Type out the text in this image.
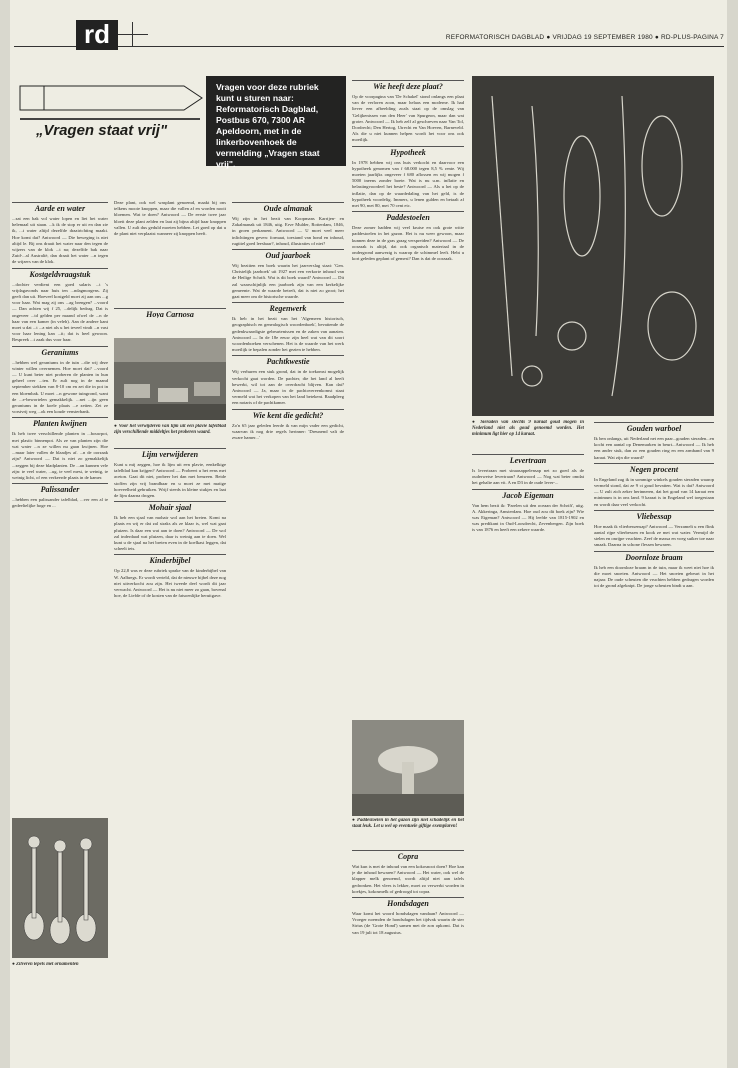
REFORMATORISCH DAGBLAD ● VRIJDAG 19 SEPTEMBER 1980 ● RD-PLUS-PAGINA 7
rd
„Vragen staat vrij"
Vragen voor deze rubriek kunt u sturen naar: Reformatorisch Dagblad, Postbus 670, 7300 AR Apeldoorn, met in de linkerbovenhoek de vermelding „Vragen staat vrij".
Aarde en water

...zat een bak vol water lopen en liet het water helemaal uit staan. ...k ik de stop er uit en dan zie ik, ...t water altijd dezelfde draairichting maakt. Hoe komt dat? Antwoord — Die beweging is niet altijd le. Bij ons draait het water naar den tegen de wijzers van de klok ...t na; dezelfde bak naar Zuid-...al Australië, dan draait het water ...n tegen de wijzers van de klok.

Kostgeldvraagstuk

...dochter verdient een goed salaris ...t 's vrijdagavonds naar huis ten ...ndagmorgens. Zij geeft dan uit. Hoeveel kostgeld moet zij aan ons ...g voor haar. Wat mag zij ons ...ag brengen? ...voord — Dan achten wij f 25, ...delijk bedrag. Dat is ongeveer ...td gelden per maand ofwel de ...n de haar van een kamer (in veleh). Aan de andere kant moet u dat ...t ...a niet als u het teveel vindt ...n vast voor haar lening kan ...it; dat is heel gewoon. Bespreek ...t zaak dus voor haar.

Geraniums

...hebben wel geraniums in de tuin ...die wij deze winter willen overnemen. Hoe moet dat? ...voord — U kunt beter niet proberen de planten in hun geheel over ...ten. Er zult nog in de maand september stekken van 8-10 cm en zet die in pot in een bloembak. U moet ...n gewone tuingrond, want de ...e-bewortelen gemakkelijk. ...net ...ijn geen geraniums in de koele plaats ...e zetten. Zet ze vorstvrij weg ...ok een koude vensterbank.

Planten kwijnen

Ik heb twee verschillende planten in ...bouwpot, met plastic binnenpot. Als ze van planten zijn die wat water ...n ze willen nu gaan kwijnen. Hoe ...maar later vallen de blaadjes af. ...n de oorzaak zijn? Antwoord — Dat is niet zo gemakkelijk ...zeggen bij deze bladplanten. De ...an kunnen vele zijn: te veel water, ...ug, te veel mest, te weinig, te weinig licht, of een verkeerde plaats in de kamer.

Palissander

...hebben een palissander tafelblad, ...ver een al te gedeeltelijke hoge en ...

● Zilveren lepels met ornamenten

Deze plant, ook wel wasplant genoemd, maakt bij ons telkens mooie knoppen, maar die vallen af en worden nooit bloemen. Wat te doen? Antwoord — De eerste twee jaar bloeit deze plant zelden en laat zij bijna altijd haar knoppen vallen. U zult dus geduld moeten hebben. Let goed op dat u de plant niet verplaatst wanneer zij knoppen heeft.

Hoya Carnosa
● Voor het verwijderen van lijm uit een plavie tafelblad zijn verschillende middeltjes het proberen waard.
Lijm verwijderen

Kunt u mij zeggen, hoe ik lijm uit een plavie, eenkelkige tafelblad kan krijgen? Antwoord — Probeert u het eens met aceton. Gaat dit niet, probeer het dan met benzeen. Beide stoffen zijn vrij brandbaar en u moet ze met matige hoeveelheid gebruiken. Wrijf steeds in kleine stukjes en laat de lijm daarna drogen.

Mohair sjaal

Ik heb een sjaal van mohair wol aan het breien. Komt na plaats en wij er dat zal straks als ze klaar is, wel wat gaat pluizen. Is daar een wat aan te doen? Antwoord — De wol zal inderdaad wat pluizen, daar is weinig aan te doen. Wel kunt u de sjaal na het breien even in de koelkast leggen, dat scheelt iets.

Kinderbijbel

Op 22,8 was er deze rubriek sprake van de kinderbijbel van W. Aalbregs. Er wordt verteld, dat de nieuwe bijbel deze nog niet uitverkocht zou zijn. Het tweede deel wordt dit jaar verwacht. Antwoord — Het is nu niet meer zo gaan, bovenal hoe, de Liefde of de kosten van de fatsoenlijke heruitgave.

Oude almanak

Wij zijn in het bezit van Koopmans Karrijen- en Zakalmanak uit 1846, uitg. Erve Mulder, Rotterdam, 1846, in groen perkament. Antwoord — U moet veel meer inlichtingen geven: formaat, toestand van hond en inhoud, rugtitel goed leesbaar?, inhoud, illustraties of niet?

Oud jaarboek

Wij bezitten een boek waarin het jaarverslag staat: 'Gen. Christelijk jaarboek' uit 1927 met een verkorte inhoud van de Heilige Schrift. Wat is dit boek waard? Antwoord — Dit zal waarschijnlijk een jaarboek zijn van een kerkelijke gemeente. Wat de waarde betreft, dat is niet zo groot; het gaat meer om de historische waarde.

Regenwerk

Ik heb in het bezit van het 'Algemeen historisch, geographisch en genealogisch woordenboek', bevattende de gedenkwaardigste gebeurtenissen en de zaken van aanzien. Antwoord — In de 18e eeuw zijn heel wat van dit soort woordenboeken verschenen. Het is de waarde van het werk moeilijk te bepalen zonder het gezien te hebben.

Pachtkwestie

Wij verhuren een stuk grond, dat in de toekomst mogelijk verkocht gaat worden. De pachter, die het land al heeft bewerkt, wil tot aan de overdracht blijven. Kan dat? Antwoord — Ja, maar in de pachtovereenkomst staat vermeld wat het verkopen van het land betekent. Raadpleeg een notaris of de pachtkamer.

Wie kent die gedicht?

Zo'n 65 jaar geleden leerde ik van mijn vader een gedicht, waarvan ik nog drie regels herinner: 'Dreunend valt de zware hamer...'

Wie heeft deze plaat?

Op de voorpagina van 'De Schakel' stond onlangs een plaat van de verloren zoon, maar helaas een moderne. Ik had liever een afbeelding zoals staat op de omslag van 'Gelijkenissen van den Heer' van Spurgeon, maar dan wat groter. Antwoord — Ik heb zelf al geschreven naar Van Tol, Dordrecht; Den Hertog, Utrecht en Van Hoeven, Barneveld. Als die u niet kunnen helpen wordt het voor ons ook moeilijk.

Hypotheek

In 1978 hebben wij ons huis verkocht en daarvoor een hypotheek genomen van f 68.000 tegen 8,5 % rente. Wij moeten jaarlijks ongeveer f 680 aflossen en wij mogen f 5000 ineens zonder boete. Wat is nu u.m. inflatie en belastingvoordeel het beste? Antwoord — Als u het op de inflatie, dan op de waardedaling van het geld, is de hypotheek voordelig. Immers, u lenen gulden en betaalt af met 90, met 80, met 70 cent etc.

Paddestoelen

Deze zomer hadden wij veel kruise en ook grote witte paddestoelen in het gazon. Het is nu weer gewoon, maar kunnen deze in de gras graag verspreiden? Antwoord — De oorzaak is altijd, dat ook organisch materiaal in de ondergrond aanwezig is waarop de schimmel leeft. Hebt u kort geleden geplant of gemest? Dan is dat de oorzaak.

● Paddestoelen in het gazon zijn niet schadelijk en het staat leuk. Let u wel op eventuele giftige exemplaren!
Copra

Wat kun is met de inhoud van een kokosnoot doen? Hoe kan je die inhoud bewaren? Antwoord — Het water, ook wel de klapper melk genoemd, wordt altijd niet aan tafels gedronken. Het vlees is lekker, moet zo verwerkt worden in koekjes, kokosmelk of gedroogd tot copra.

Hondsdagen

Waar komt het woord hondsdagen vandaan? Antwoord — Vroeger noemden de hondsdagen het tijdvak waarin de ster Sirius (de 'Grote Hond') samen met de zon opkomt. Dat is van 19 juli tot 18 augustus.

● Sieraden van slechts 9 karaat goud mogen in Nederland niet als goud genoemd worden. Het minimum ligt hier op 14 karaat.
Levertraan

Is levertraan met sinaasappelensap net zo goed als de ouderwetse levertraan? Antwoord — Nog wat beter omdat het gehalte aan vit. A en D3 in de oude lever-...

Jacob Eigeman

Van hem bezit ik: 'Parelen uit den oceaan der Schrift', uitg. A. Akkeringa, Amsterdam. Hoe oud zou dit boek zijn? Wie was Eigeman? Antwoord — Hij leefde van 1815-1902 en was predikant in Oud-Loosdrecht, Zevenbergen. Zijn boek is van 1876 en heeft een zekere waarde.

Gouden warboel

Ik ben onlangs, uit Nederland net een paar...gouden sieraden...en kocht een aantal op Denemarken in beurt...Antwoord — Ik heb een ander stuk, dan zo een gouden ring en een armband van 9 karaat. Wat zijn die waard?

Negen procent

In Engeland zag ik in sommige winkels gouden sieraden waarop vermeld stond, dat ze 9 ct goud bevatten. Wat is dat? Antwoord — U zult zich zeker herinneren, dat het goud van 14 karaat een minimum is in ons land. 9 karaat is in Engeland wel toegestaan en wordt daar veel verkocht.

Vliebessap

Hoe maak ik vlierbessensap? Antwoord — Verzamelt u een flink aantal rijpe vlierbessen en kook ze met wat water. Vermijd de stelen en onrijpe vruchten. Zeef de massa en voeg suiker toe naar smaak. Daarna in schone flessen bewaren.

Doornloze braam

Ik heb een doornloze braam in de tuin, maar ik weet niet hoe ik die moet snoeien. Antwoord — Het snoeien gebeurt in het najaar. De oude scheuten die vruchten hebben gedragen worden tot de grond afgeknipt. De jonge scheuten bindt u aan.
